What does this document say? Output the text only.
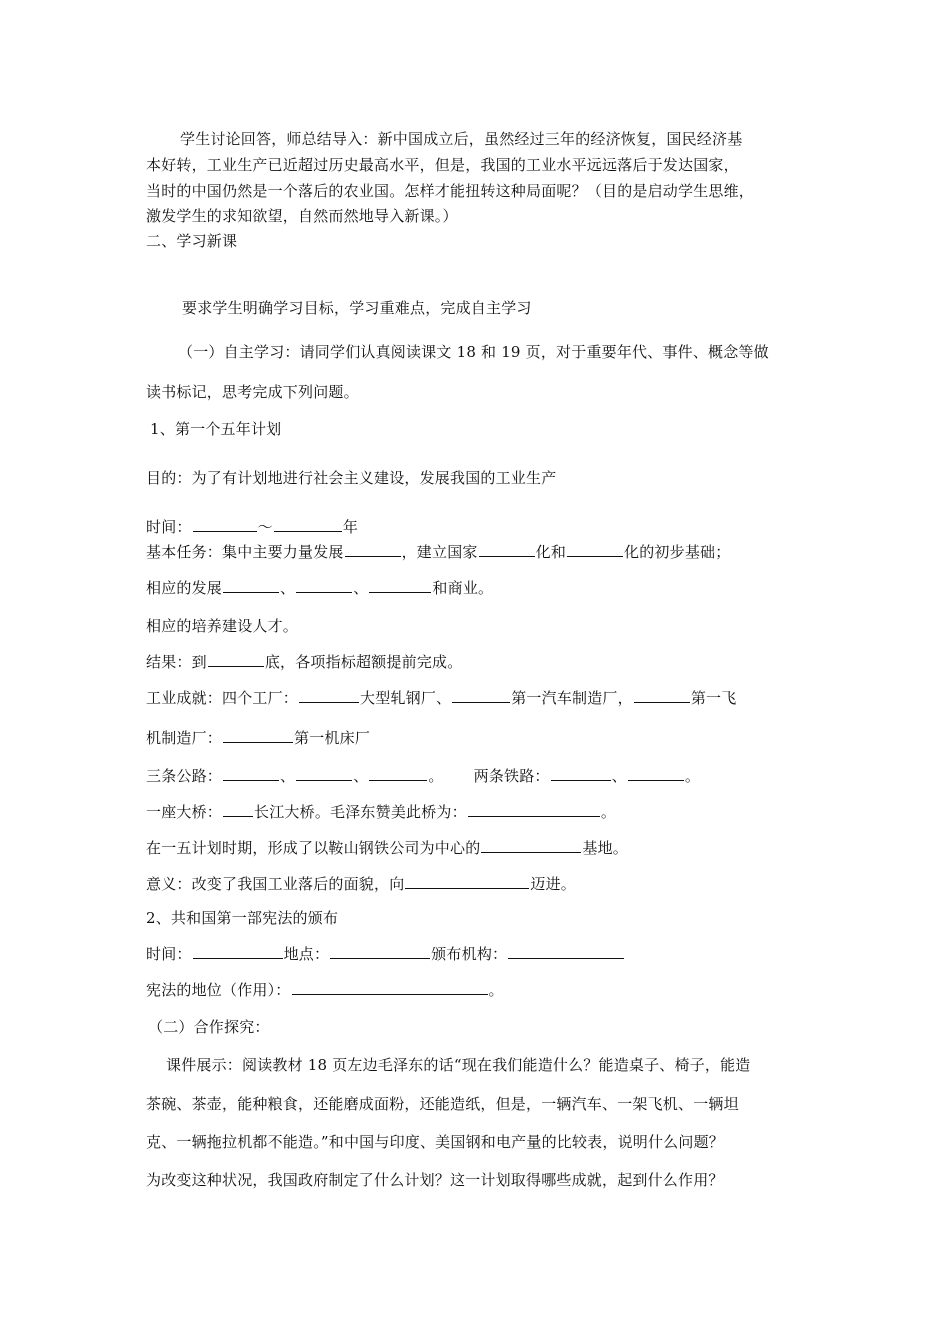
学生讨论回答，师总结导入：新中国成立后，虽然经过三年的经济恢复，国民经济基
本好转，工业生产已近超过历史最高水平，但是，我国的工业水平远远落后于发达国家，
当时的中国仍然是一个落后的农业国。怎样才能扭转这种局面呢？（目的是启动学生思维，
激发学生的求知欲望，自然而然地导入新课。）
二、学习新课
要求学生明确学习目标，学习重难点，完成自主学习
（一）自主学习：请同学们认真阅读课文 18 和 19 页，对于重要年代、事件、概念等做
读书标记，思考完成下列问题。
1、第一个五年计划
目的：为了有计划地进行社会主义建设，发展我国的工业生产
时间：	～	年
基本任务：集中主要力量发展	，建立国家	化和	化的初步基础；
相应的发展	、	、	和商业。
相应的培养建设人才。
结果：到	底，各项指标超额提前完成。
工业成就：四个工厂：	大型轧钢厂、	第一汽车制造厂，	第一飞
机制造厂：	第一机床厂
三条公路：	、	、	。 两条铁路：	、	。
一座大桥： 长江大桥。毛泽东赞美此桥为：	。
在一五计划时期，形成了以鞍山钢铁公司为中心的	基地。
意义：改变了我国工业落后的面貌，向	迈进。
2、共和国第一部宪法的颁布
时间：	地点：	颁布机构：
宪法的地位（作用）：	。
（二）合作探究：
课件展示：阅读教材 18 页左边毛泽东的话“现在我们能造什么？能造桌子、椅子，能造
茶碗、茶壶，能种粮食，还能磨成面粉，还能造纸，但是，一辆汽车、一架飞机、一辆坦
克、一辆拖拉机都不能造。”和中国与印度、美国钢和电产量的比较表，说明什么问题？
为改变这种状况，我国政府制定了什么计划？这一计划取得哪些成就，起到什么作用？
